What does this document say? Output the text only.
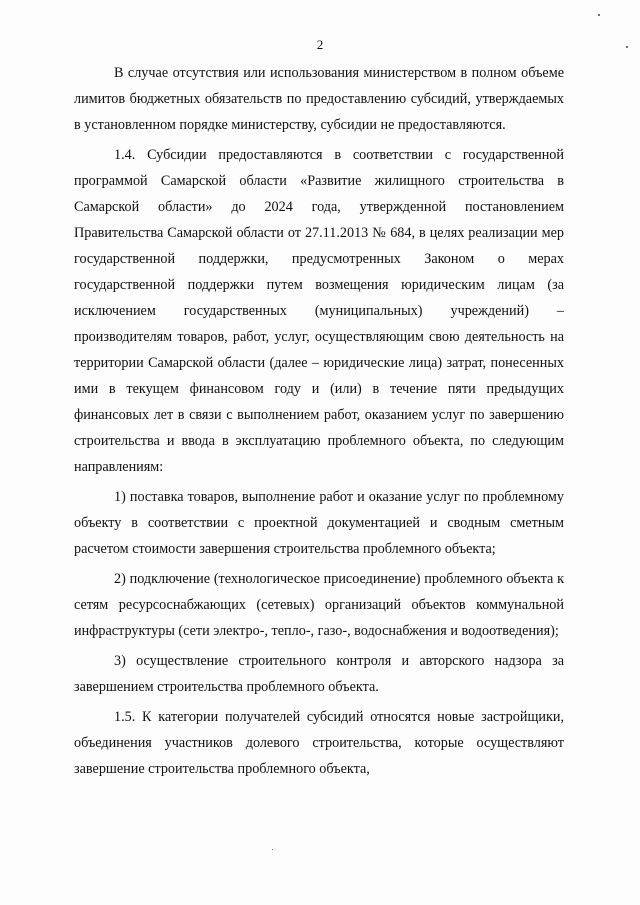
2

В случае отсутствия или использования министерством в полном объеме лимитов бюджетных обязательств по предоставлению субсидий, утверждаемых в установленном порядке министерству, субсидии не предоставляются.

1.4. Субсидии предоставляются в соответствии с государственной программой Самарской области «Развитие жилищного строительства в Самарской области» до 2024 года, утвержденной постановлением Правительства Самарской области от 27.11.2013 № 684, в целях реализации мер государственной поддержки, предусмотренных Законом о мерах государственной поддержки путем возмещения юридическим лицам (за исключением государственных (муниципальных) учреждений) – производителям товаров, работ, услуг, осуществляющим свою деятельность на территории Самарской области (далее – юридические лица) затрат, понесенных ими в текущем финансовом году и (или) в течение пяти предыдущих финансовых лет в связи с выполнением работ, оказанием услуг по завершению строительства и ввода в эксплуатацию проблемного объекта, по следующим направлениям:

1) поставка товаров, выполнение работ и оказание услуг по проблемному объекту в соответствии с проектной документацией и сводным сметным расчетом стоимости завершения строительства проблемного объекта;

2) подключение (технологическое присоединение) проблемного объекта к сетям ресурсоснабжающих (сетевых) организаций объектов коммунальной инфраструктуры (сети электро-, тепло-, газо-, водоснабжения и водоотведения);

3) осуществление строительного контроля и авторского надзора за завершением строительства проблемного объекта.

1.5. К категории получателей субсидий относятся новые застройщики, объединения участников долевого строительства, которые осуществляют завершение строительства проблемного объекта,
